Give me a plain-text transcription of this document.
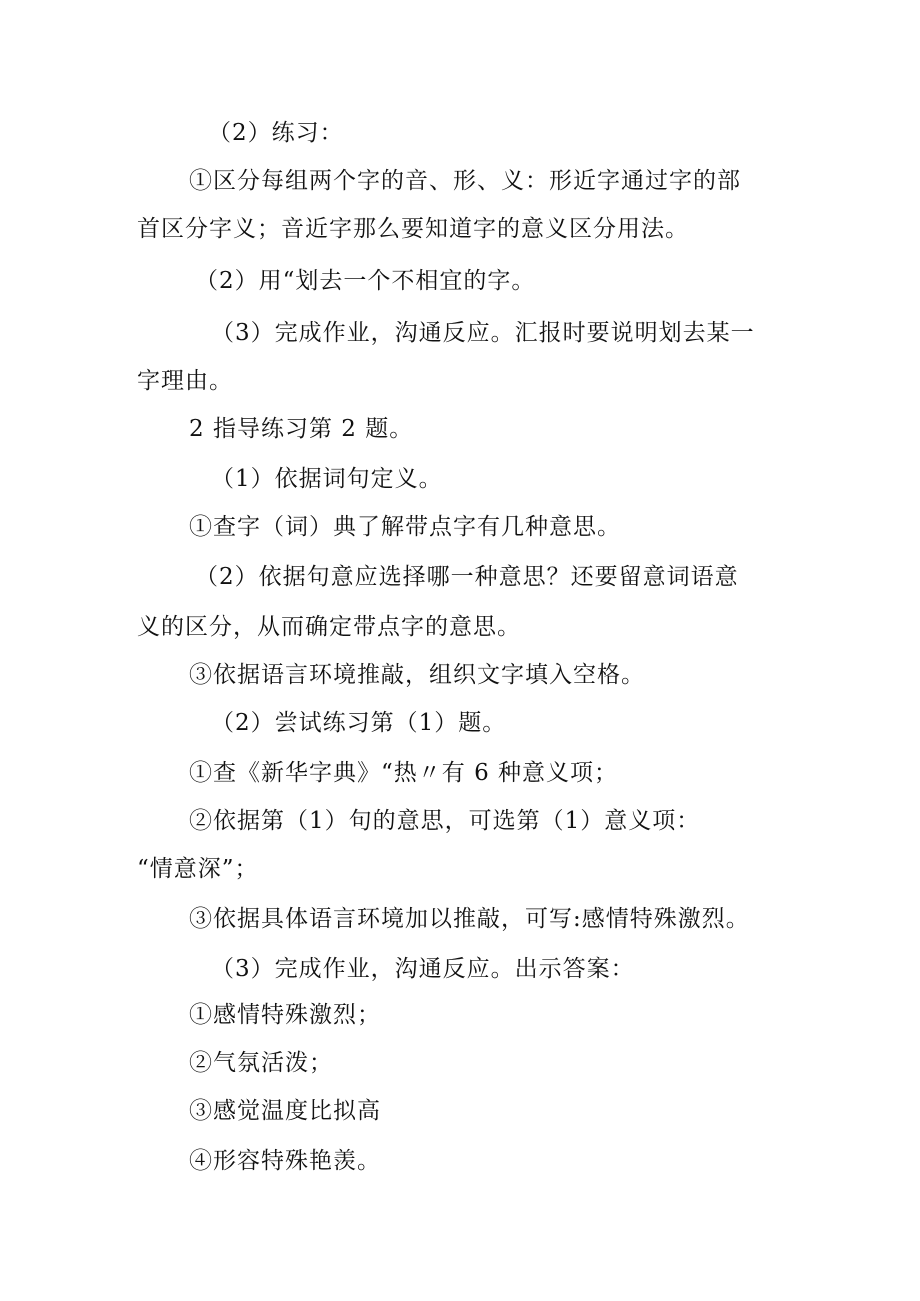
（2）练习：
①区分每组两个字的音、形、义：形近字通过字的部
首区分字义；音近字那么要知道字的意义区分用法。
（2）用“划去一个不相宜的字。
（3）完成作业，沟通反应。汇报时要说明划去某一
字理由。
2 指导练习第 2 题。
（1）依据词句定义。
①查字（词）典了解带点字有几种意思。
（2）依据句意应选择哪一种意思？还要留意词语意
义的区分，从而确定带点字的意思。
③依据语言环境推敲，组织文字填入空格。
（2）尝试练习第（1）题。
①查《新华字典》“热〃有 6 种意义项；
②依据第（1）句的意思，可选第（1）意义项：
“情意深”；
③依据具体语言环境加以推敲，可写:感情特殊激烈。
（3）完成作业，沟通反应。出示答案：
①感情特殊激烈；
②气氛活泼；
③感觉温度比拟高
④形容特殊艳羡。
